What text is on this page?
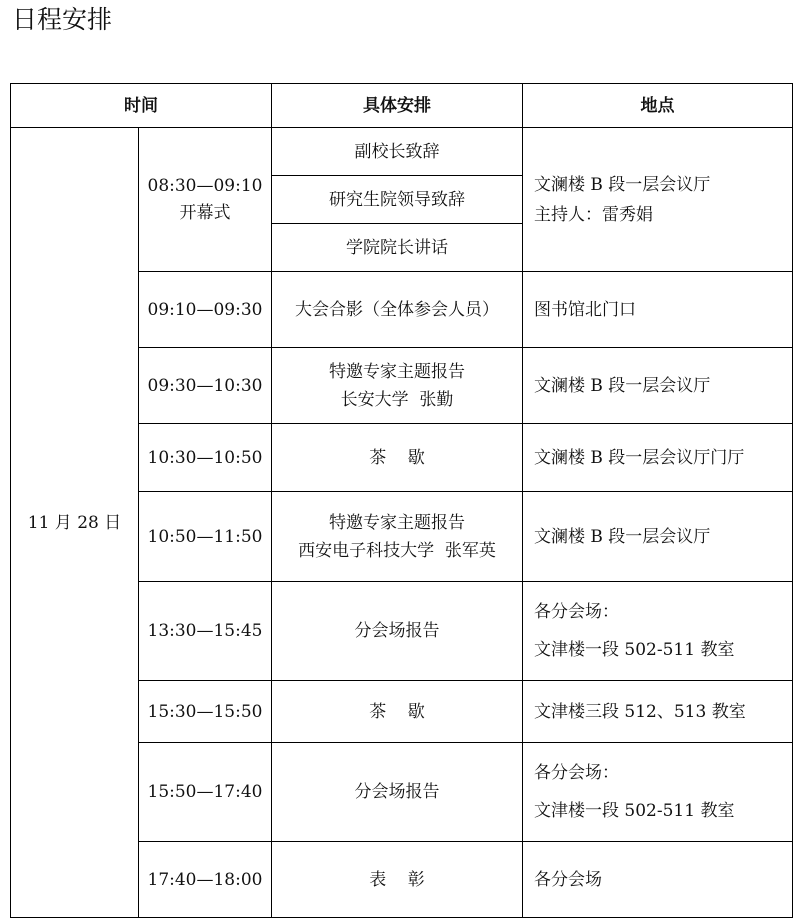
日程安排
时间		具体安排	地点
11 月 28 日	08:30—09:10
开幕式	副校长致辞	文澜楼 B 段一层会议厅
主持人：雷秀娟

		研究生院领导致辞	
		学院院长讲话	
	09:10—09:30	大会合影（全体参会人员）	图书馆北门口

	09:30—10:30	特邀专家主题报告
长安大学  张勤	文澜楼 B 段一层会议厅

	10:30—10:50	茶    歇	文澜楼 B 段一层会议厅门厅

	10:50—11:50	特邀专家主题报告
西安电子科技大学  张军英	文澜楼 B 段一层会议厅

	13:30—15:45	分会场报告	各分会场：
文津楼一段 502-511 教室

	15:30—15:50	茶    歇	文津楼三段 512、513 教室

	15:50—17:40	分会场报告	各分会场：
文津楼一段 502-511 教室

	17:40—18:00	表    彰	各分会场
